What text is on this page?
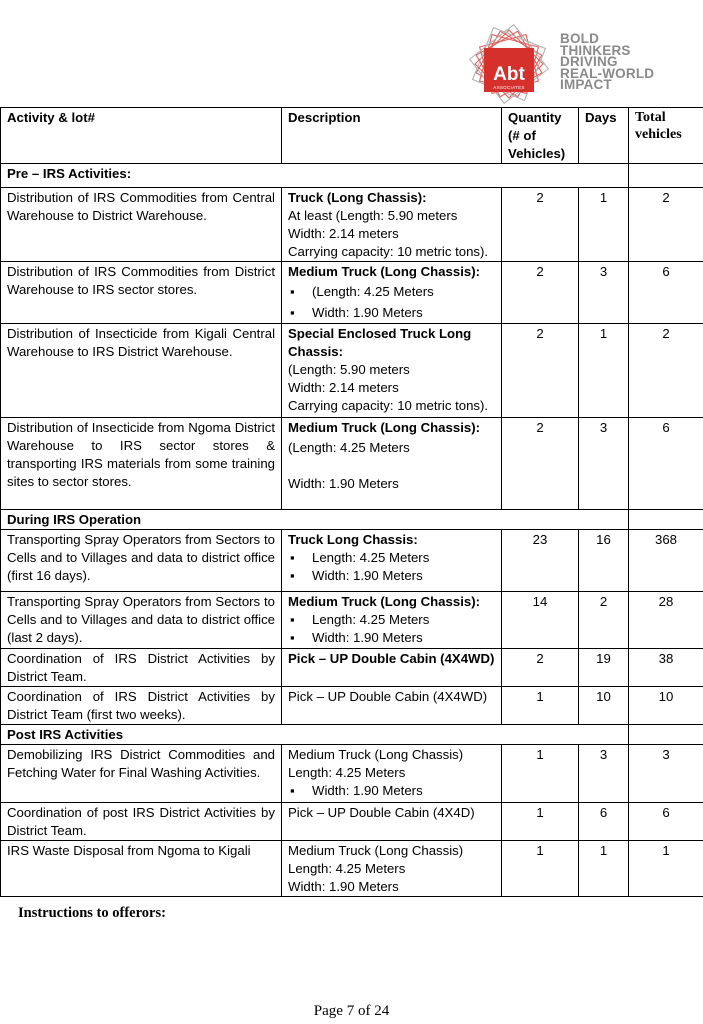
Abt
ASSOCIATES
BOLD
THINKERS
DRIVING
REAL-WORLD
IMPACT
Activity & lot#	Description	Quantity (# of Vehicles)	Days	Total vehicles
Pre – IRS Activities:				
Distribution of IRS Commodities from Central Warehouse to District Warehouse.	Truck (Long Chassis):
At least (Length: 5.90 meters
Width: 2.14 meters
Carrying capacity: 10 metric tons).	2	1	2
Distribution of IRS Commodities from District Warehouse to IRS sector stores.	Medium Truck (Long Chassis):
▪ (Length: 4.25 Meters
▪ Width: 1.90 Meters	2	3	6
Distribution of Insecticide from Kigali Central Warehouse to IRS District Warehouse.	Special Enclosed Truck Long Chassis:
(Length: 5.90 meters
Width: 2.14 meters
Carrying capacity: 10 metric tons).	2	1	2
Distribution of Insecticide from Ngoma District Warehouse to IRS sector stores & transporting IRS materials from some training sites to sector stores.	Medium Truck (Long Chassis):
(Length: 4.25 Meters
Width: 1.90 Meters	2	3	6
During IRS Operation				
Transporting Spray Operators from Sectors to Cells and to Villages and data to district office (first 16 days).	Truck Long Chassis:
▪ Length: 4.25 Meters
▪ Width: 1.90 Meters	23	16	368
Transporting Spray Operators from Sectors to Cells and to Villages and data to district office (last 2 days).	Medium Truck (Long Chassis):
▪ Length: 4.25 Meters
▪ Width: 1.90 Meters	14	2	28
Coordination of IRS District Activities by District Team.	Pick – UP Double Cabin (4X4WD)	2	19	38
Coordination of IRS District Activities by District Team (first two weeks).	Pick – UP Double Cabin (4X4WD)	1	10	10
Post IRS Activities				
Demobilizing IRS District Commodities and Fetching Water for Final Washing Activities.	Medium Truck (Long Chassis)
Length: 4.25 Meters
▪ Width: 1.90 Meters	1	3	3
Coordination of post IRS District Activities by District Team.	Pick – UP Double Cabin (4X4D)	1	6	6
IRS Waste Disposal from Ngoma to Kigali	Medium Truck (Long Chassis)
Length: 4.25 Meters
Width: 1.90 Meters	1	1	1
Instructions to offerors:
Page 7 of 24
